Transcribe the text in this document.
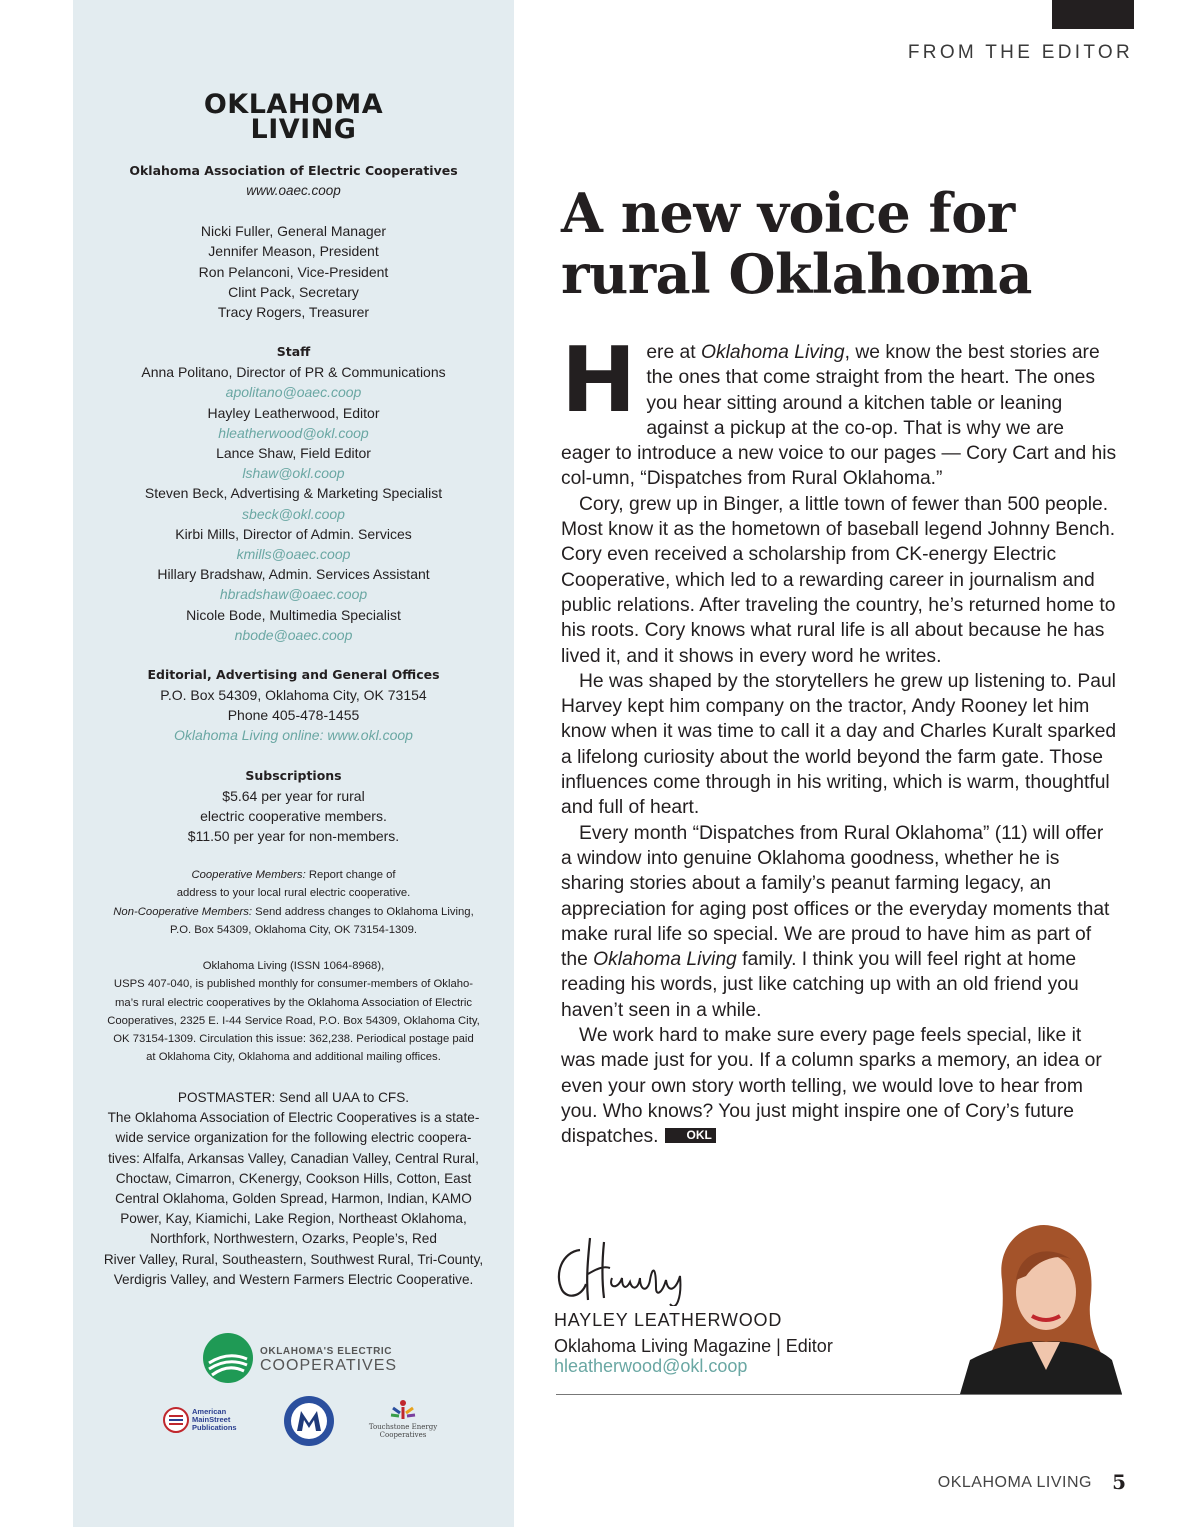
OKLAHOMA
LIVING
Oklahoma Association of Electric Cooperatives
www.oaec.coop
Nicki Fuller, General Manager
Jennifer Meason, President
Ron Pelanconi, Vice-President
Clint Pack, Secretary
Tracy Rogers, Treasurer
Staff
Anna Politano, Director of PR & Communications
apolitano@oaec.coop
Hayley Leatherwood, Editor
hleatherwood@okl.coop
Lance Shaw, Field Editor
lshaw@okl.coop
Steven Beck, Advertising & Marketing Specialist
sbeck@okl.coop
Kirbi Mills, Director of Admin. Services
kmills@oaec.coop
Hillary Bradshaw, Admin. Services Assistant
hbradshaw@oaec.coop
Nicole Bode, Multimedia Specialist
nbode@oaec.coop
Editorial, Advertising and General Offices
P.O. Box 54309, Oklahoma City, OK 73154
Phone 405-478-1455
Oklahoma Living online: www.okl.coop
Subscriptions
$5.64 per year for rural
electric cooperative members.
$11.50 per year for non-members.
Cooperative Members: Report change of
address to your local rural electric cooperative.
Non-Cooperative Members: Send address changes to Oklahoma Living,
P.O. Box 54309, Oklahoma City, OK 73154-1309.
Oklahoma Living (ISSN 1064-8968),
USPS 407-040, is published monthly for consumer-members of Oklaho-
ma’s rural electric cooperatives by the Oklahoma Association of Electric
Cooperatives, 2325 E. I-44 Service Road, P.O. Box 54309, Oklahoma City,
OK 73154-1309. Circulation this issue: 362,238. Periodical postage paid
at Oklahoma City, Oklahoma and additional mailing offices.
POSTMASTER: Send all UAA to CFS.
The Oklahoma Association of Electric Cooperatives is a state-
wide service organization for the following electric coopera-
tives: Alfalfa, Arkansas Valley, Canadian Valley, Central Rural,
Choctaw, Cimarron, CKenergy, Cookson Hills, Cotton, East
Central Oklahoma, Golden Spread, Harmon, Indian, KAMO
Power, Kay, Kiamichi, Lake Region, Northeast Oklahoma,
Northfork, Northwestern, Ozarks, People’s, Red
River Valley, Rural, Southeastern, Southwest Rural, Tri-County,
Verdigris Valley, and Western Farmers Electric Cooperative.
OKLAHOMA'S ELECTRIC
COOPERATIVES
American
MainStreet
Publications	Touchstone Energy
Cooperatives
FROM THE EDITOR
A new voice for
rural Oklahoma

Here at Oklahoma Living, we know the best stories are the ones that come straight from the heart. The ones you hear sitting around a kitchen table or leaning against a pickup at the co-op. That is why we are eager to introduce a new voice to our pages — Cory Cart and his col-umn, “Dispatches from Rural Oklahoma.”

Cory, grew up in Binger, a little town of fewer than 500 people. Most know it as the hometown of baseball legend Johnny Bench. Cory even received a scholarship from CK-energy Electric Cooperative, which led to a rewarding career in journalism and public relations. After traveling the country, he’s returned home to his roots. Cory knows what rural life is all about because he has lived it, and it shows in every word he writes.

He was shaped by the storytellers he grew up listening to. Paul Harvey kept him company on the tractor, Andy Rooney let him know when it was time to call it a day and Charles Kuralt sparked a lifelong curiosity about the world beyond the farm gate. Those influences come through in his writing, which is warm, thoughtful and full of heart.

Every month “Dispatches from Rural Oklahoma” (11) will offer a window into genuine Oklahoma goodness, whether he is sharing stories about a family’s peanut farming legacy, an appreciation for aging post offices or the everyday moments that make rural life so special. We are proud to have him as part of the Oklahoma Living family. I think you will feel right at home reading his words, just like catching up with an old friend you haven’t seen in a while.

We work hard to make sure every page feels special, like it was made just for you. If a column sparks a memory, an idea or even your own story worth telling, we would love to hear from you. Who knows? You just might inspire one of Cory’s future dispatches. OKL

HAYLEY LEATHERWOOD
Oklahoma Living Magazine | Editor
hleatherwood@okl.coop
OKLAHOMA LIVING 5
